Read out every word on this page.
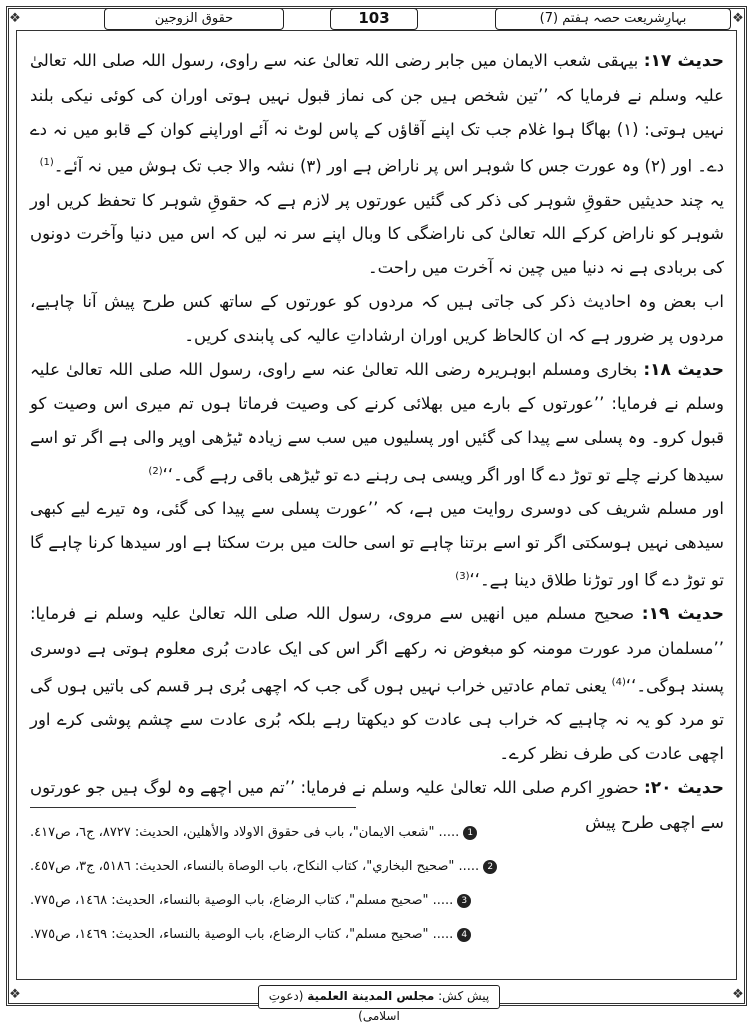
❖	❖
❖	❖
بہارِشریعت حصہ ہفتم (7)
103
حقوق الزوجین

حدیث ۱۷: بیہقی شعب الایمان میں جابر رضی اللہ تعالیٰ عنہ سے راوی، رسول اللہ صلی اللہ تعالیٰ علیہ وسلم نے فرمایا کہ ’’تین شخص ہیں جن کی نماز قبول نہیں ہوتی اوران کی کوئی نیکی بلند نہیں ہوتی: (۱) بھاگا ہوا غلام جب تک اپنے آقاؤں کے پاس لوٹ نہ آئے اوراپنے کوان کے قابو میں نہ دے دے۔ اور (۲) وہ عورت جس کا شوہر اس پر ناراض ہے اور (۳) نشہ والا جب تک ہوش میں نہ آئے۔$^{(1)}$

یہ چند حدیثیں حقوقِ شوہر کی ذکر کی گئیں عورتوں پر لازم ہے کہ حقوقِ شوہر کا تحفظ کریں اور شوہر کو ناراض کرکے اللہ تعالیٰ کی ناراضگی کا وبال اپنے سر نہ لیں کہ اس میں دنیا وآخرت دونوں کی بربادی ہے نہ دنیا میں چین نہ آخرت میں راحت۔

اب بعض وہ احادیث ذکر کی جاتی ہیں کہ مردوں کو عورتوں کے ساتھ کس طرح پیش آنا چاہیے، مردوں پر ضرور ہے کہ ان کالحاظ کریں اوران ارشاداتِ عالیہ کی پابندی کریں۔

حدیث ۱۸: بخاری ومسلم ابوہریرہ رضی اللہ تعالیٰ عنہ سے راوی، رسول اللہ صلی اللہ تعالیٰ علیہ وسلم نے فرمایا: ’’عورتوں کے بارے میں بھلائی کرنے کی وصیت فرماتا ہوں تم میری اس وصیت کو قبول کرو۔ وہ پسلی سے پیدا کی گئیں اور پسلیوں میں سب سے زیادہ ٹیڑھی اوپر والی ہے اگر تو اسے سیدھا کرنے چلے تو توڑ دے گا اور اگر ویسی ہی رہنے دے تو ٹیڑھی باقی رہے گی۔‘‘$^{(2)}$

اور مسلم شریف کی دوسری روایت میں ہے، کہ ’’عورت پسلی سے پیدا کی گئی، وہ تیرے لیے کبھی سیدھی نہیں ہوسکتی اگر تو اسے برتنا چاہے تو اسی حالت میں برت سکتا ہے اور سیدھا کرنا چاہے گا تو توڑ دے گا اور توڑنا طلاق دینا ہے۔‘‘$^{(3)}$

حدیث ۱۹: صحیح مسلم میں انھیں سے مروی، رسول اللہ صلی اللہ تعالیٰ علیہ وسلم نے فرمایا: ’’مسلمان مرد عورت مومنہ کو مبغوض نہ رکھے اگر اس کی ایک عادت بُری معلوم ہوتی ہے دوسری پسند ہوگی۔‘‘$^{(4)}$ یعنی تمام عادتیں خراب نہیں ہوں گی جب کہ اچھی بُری ہر قسم کی باتیں ہوں گی تو مرد کو یہ نہ چاہیے کہ خراب ہی عادت کو دیکھتا رہے بلکہ بُری عادت سے چشم پوشی کرے اور اچھی عادت کی طرف نظر کرے۔

حدیث ۲۰: حضورِ اکرم صلی اللہ تعالیٰ علیہ وسلم نے فرمایا: ’’تم میں اچھے وہ لوگ ہیں جو عورتوں سے اچھی طرح پیش

1
..... "شعب الايمان"، باب فی حقوق الاولاد والأهلين، الحديث: ٨٧٢٧، ج٦، ص٤١٧.
2
..... "صحيح البخاري"، كتاب النكاح، باب الوصاة بالنساء، الحديث: ٥١٨٦، ج٣، ص٤٥٧.
3
..... "صحيح مسلم"، كتاب الرضاع، باب الوصية بالنساء، الحديث: ١٤٦٨، ص٧٧٥.
4
..... "صحيح مسلم"، كتاب الرضاع، باب الوصية بالنساء، الحديث: ١٤٦٩، ص٧٧٥.
پیش کش: مجلس المدينة العلمية (دعوتِ اسلامی)
